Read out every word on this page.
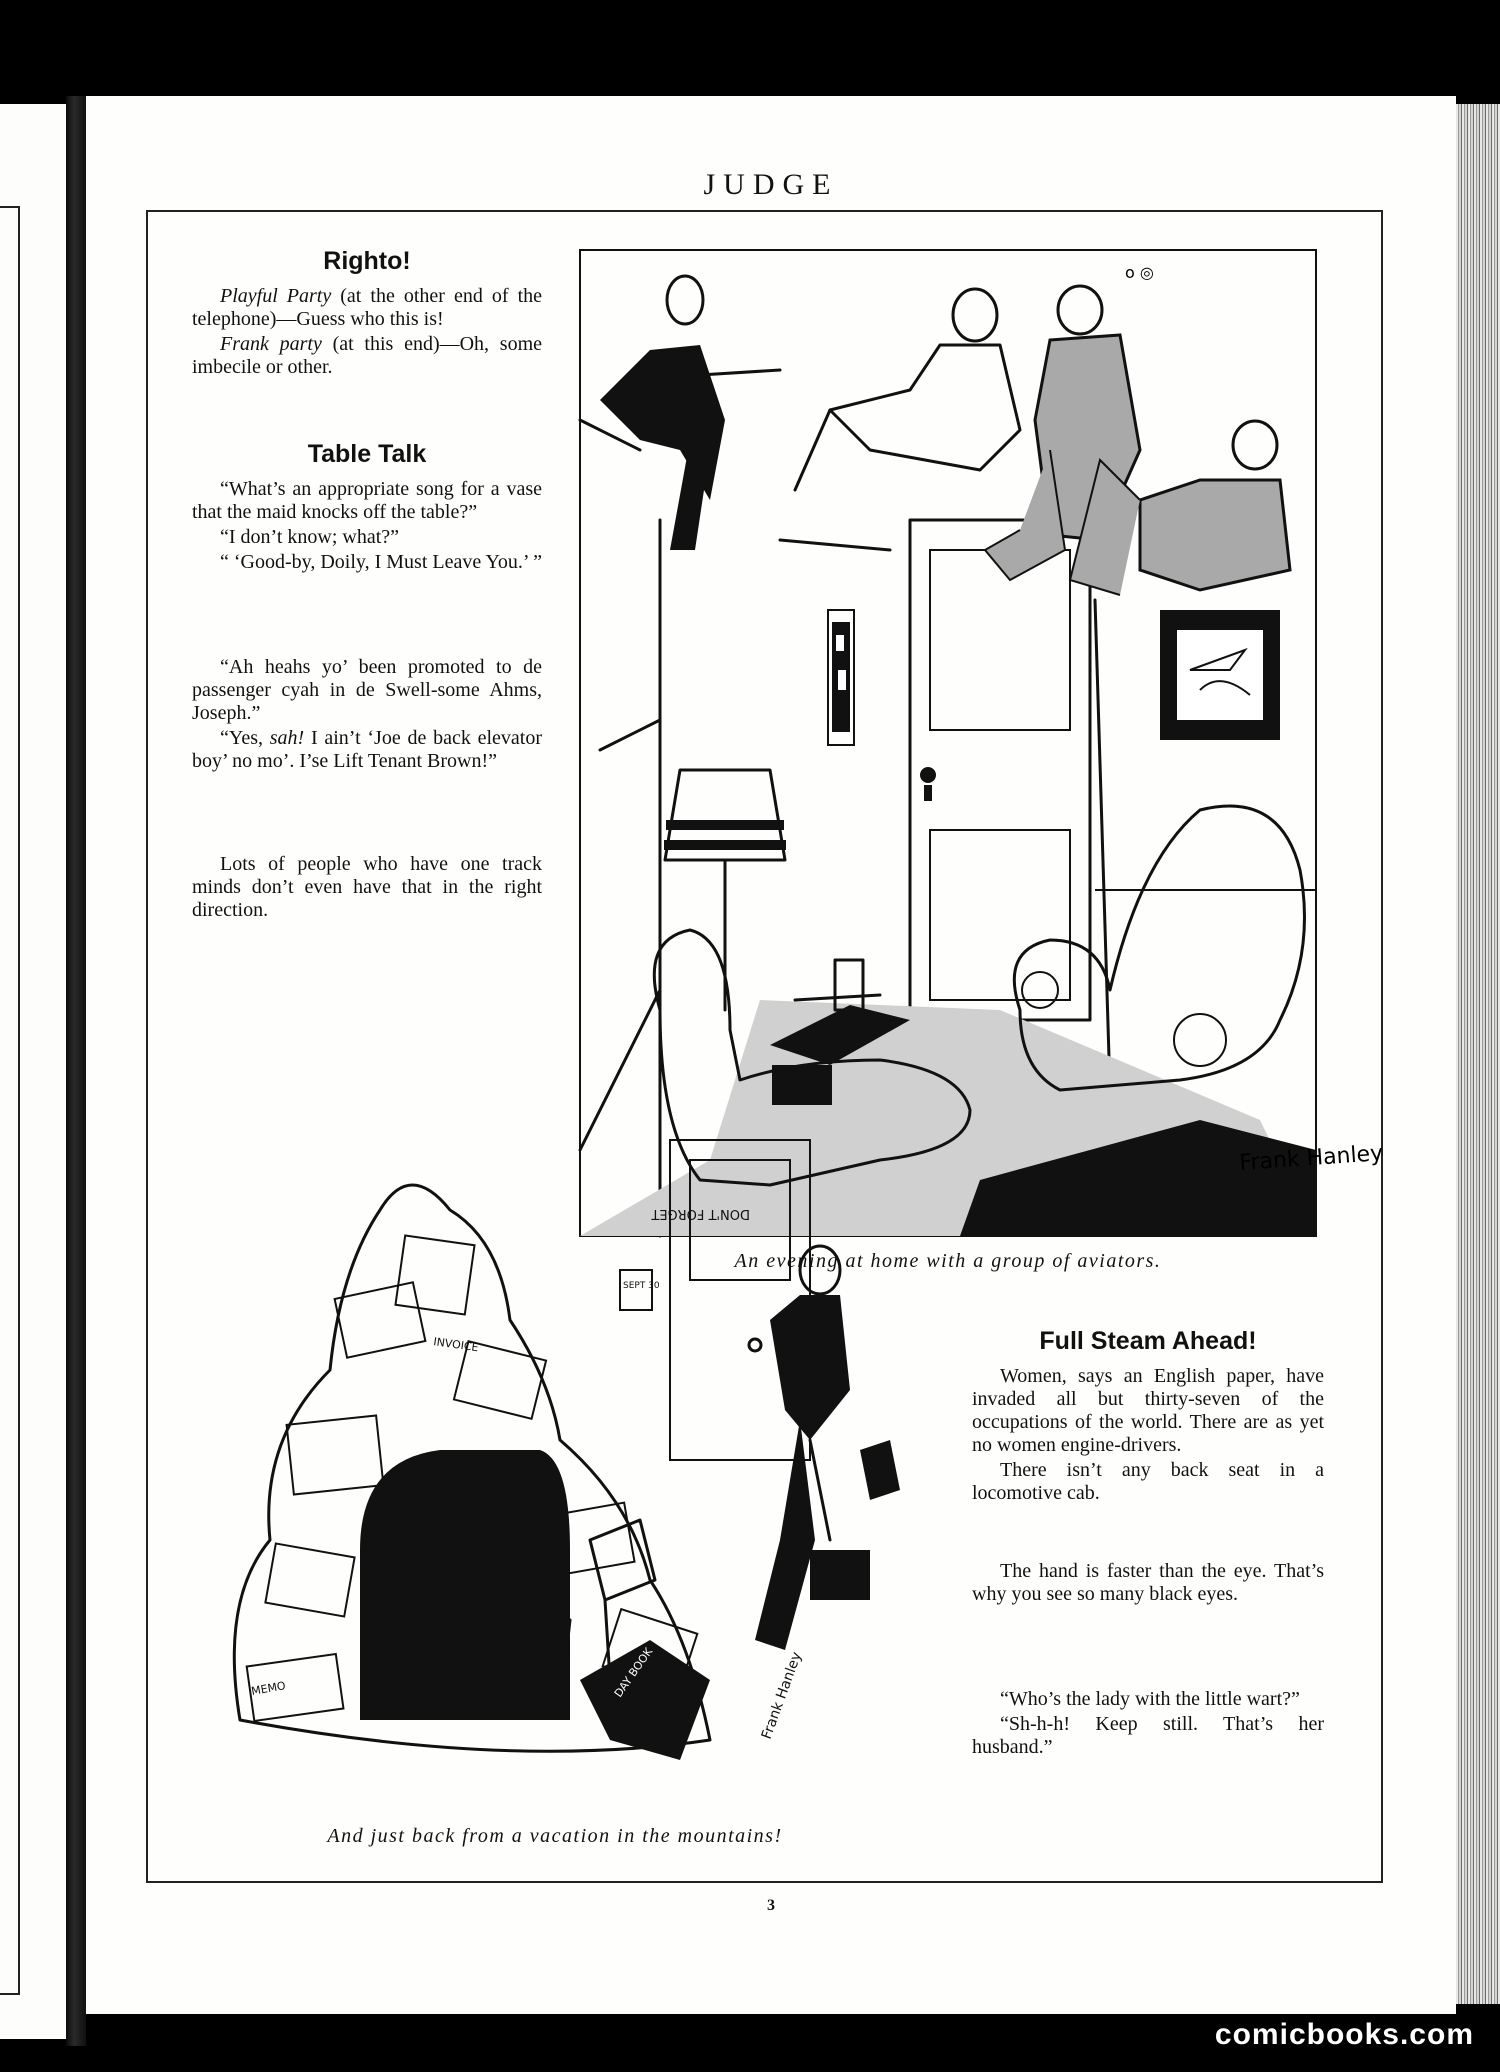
JUDGE
Righto!

Playful Party (at the other end of the telephone)—Guess who this is!

Frank party (at this end)—Oh, some imbecile or other.

Table Talk

“What’s an appropriate song for a vase that the maid knocks off the table?”

“I don’t know; what?”

“ ‘Good-by, Doily, I Must Leave You.’ ”

“Ah heahs yo’ been promoted to de passenger cyah in de Swell-some Ahms, Joseph.”

“Yes, sah! I ain’t ‘Joe de back elevator boy’ no mo’. I’se Lift Tenant Brown!”

Lots of people who have one track minds don’t even have that in the right direction.

o ◎
Frank Hanley
An evening at home with a group of aviators.
INVOICE
MEMO	DAY BOOK
SEPT 30
DON'T FORGET
Frank Hanley
And just back from a vacation in the mountains!
Full Steam Ahead!

Women, says an English paper, have invaded all but thirty-seven of the occupations of the world. There are as yet no women engine-drivers.

There isn’t any back seat in a locomotive cab.

The hand is faster than the eye. That’s why you see so many black eyes.

“Who’s the lady with the little wart?”

“Sh-h-h! Keep still. That’s her husband.”

3
comicbooks.com
